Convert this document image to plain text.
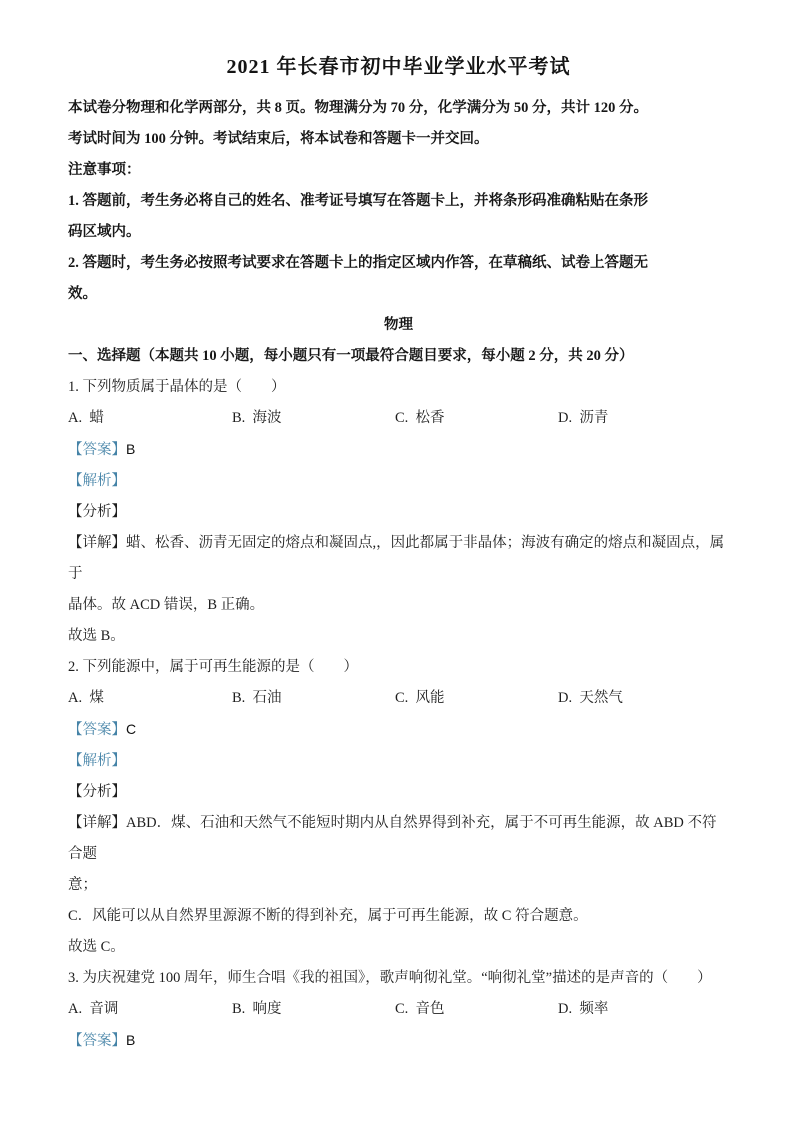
2021 年长春市初中毕业学业水平考试
本试卷分物理和化学两部分，共 8 页。物理满分为 70 分，化学满分为 50 分，共计 120 分。
考试时间为 100 分钟。考试结束后，将本试卷和答题卡一并交回。
注意事项：
1. 答题前，考生务必将自己的姓名、准考证号填写在答题卡上，并将条形码准确粘贴在条形
码区域内。
2. 答题时，考生务必按照考试要求在答题卡上的指定区域内作答，在草稿纸、试卷上答题无
效。
物理
一、选择题（本题共 10 小题，每小题只有一项最符合题目要求，每小题 2 分，共 20 分）
1. 下列物质属于晶体的是（　　）
A.  蜡	B.  海波	C.  松香	D.  沥青
【答案】B
【解析】
【分析】
【详解】蜡、松香、沥青无固定的熔点和凝固点,，因此都属于非晶体；海波有确定的熔点和凝固点，属于
晶体。故 ACD 错误，B 正确。
故选 B。
2. 下列能源中，属于可再生能源的是（　　）
A.  煤	B.  石油	C.  风能	D.  天然气
【答案】C
【解析】
【分析】
【详解】ABD．煤、石油和天然气不能短时期内从自然界得到补充，属于不可再生能源，故 ABD 不符合题
意；
C．风能可以从自然界里源源不断的得到补充，属于可再生能源，故 C 符合题意。
故选 C。
3. 为庆祝建党 100 周年，师生合唱《我的祖国》，歌声响彻礼堂。“响彻礼堂”描述的是声音的（　　）
A.  音调	B.  响度	C.  音色	D.  频率
【答案】B
